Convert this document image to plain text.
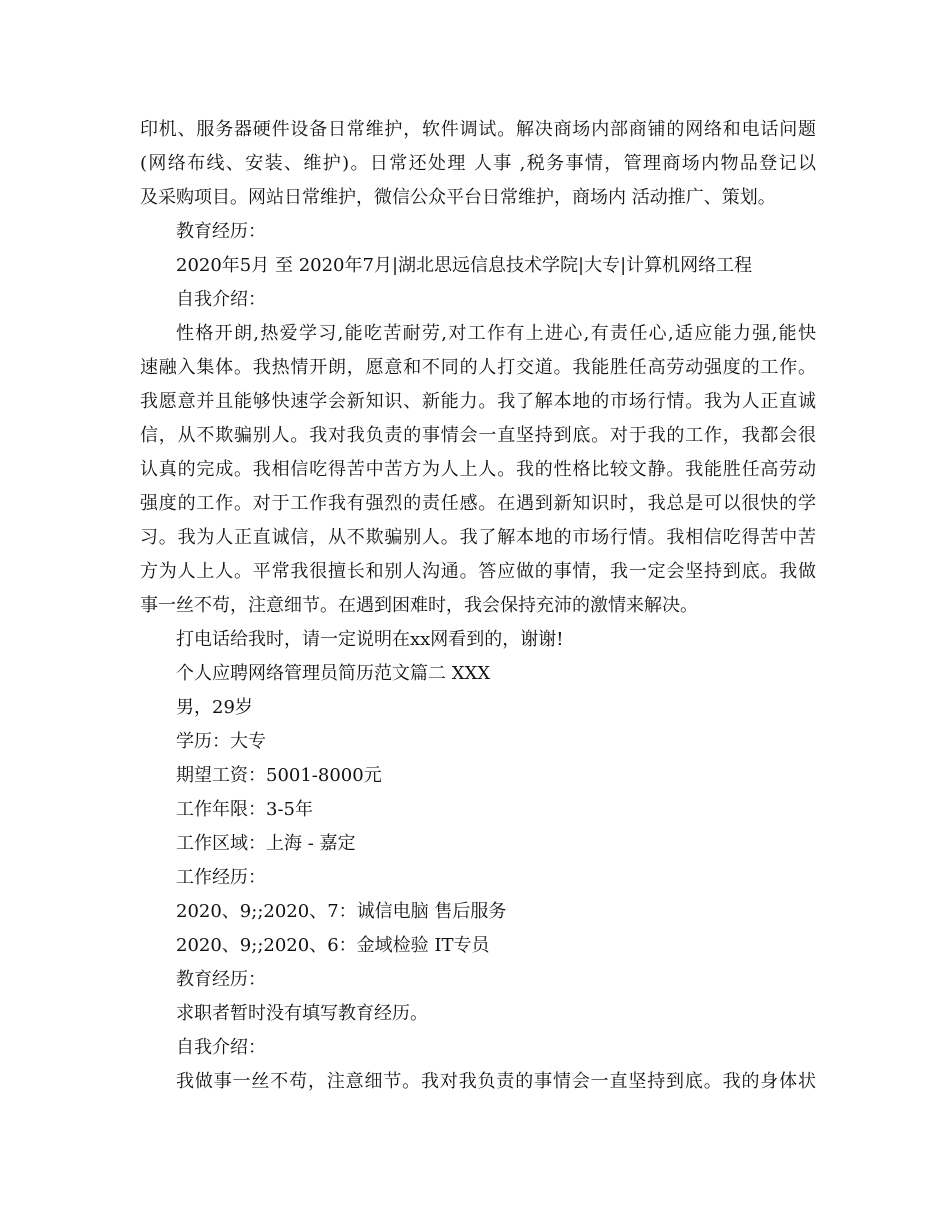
印机、服务器硬件设备日常维护，软件调试。解决商场内部商铺的网络和电话问题
(网络布线、安装、维护)。日常还处理 人事 ,税务事情，管理商场内物品登记以
及采购项目。网站日常维护，微信公众平台日常维护，商场内 活动推广、策划。
教育经历：
2020年5月 至 2020年7月|湖北思远信息技术学院|大专|计算机网络工程
自我介绍：
性格开朗,热爱学习,能吃苦耐劳,对工作有上进心,有责任心,适应能力强,能快
速融入集体。我热情开朗，愿意和不同的人打交道。我能胜任高劳动强度的工作。
我愿意并且能够快速学会新知识、新能力。我了解本地的市场行情。我为人正直诚
信，从不欺骗别人。我对我负责的事情会一直坚持到底。对于我的工作，我都会很
认真的完成。我相信吃得苦中苦方为人上人。我的性格比较文静。我能胜任高劳动
强度的工作。对于工作我有强烈的责任感。在遇到新知识时，我总是可以很快的学
习。我为人正直诚信，从不欺骗别人。我了解本地的市场行情。我相信吃得苦中苦
方为人上人。平常我很擅长和别人沟通。答应做的事情，我一定会坚持到底。我做
事一丝不苟，注意细节。在遇到困难时，我会保持充沛的激情来解决。
打电话给我时，请一定说明在xx网看到的，谢谢!
个人应聘网络管理员简历范文篇二 XXX
男，29岁
学历：大专
期望工资：5001-8000元
工作年限：3-5年
工作区域：上海 - 嘉定
工作经历：
2020、9;;2020、7：诚信电脑 售后服务
2020、9;;2020、6：金域检验 IT专员
教育经历：
求职者暂时没有填写教育经历。
自我介绍：
我做事一丝不苟，注意细节。我对我负责的事情会一直坚持到底。我的身体状
